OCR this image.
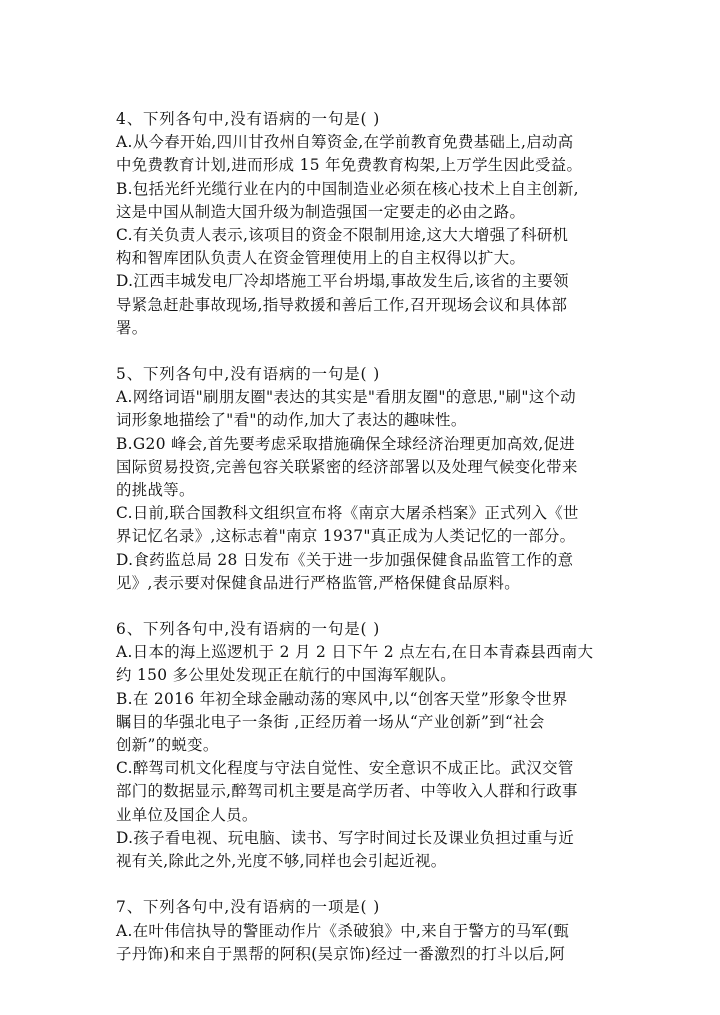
4、下列各句中,没有语病的一句是( )
A.从今春开始,四川甘孜州自筹资金,在学前教育免费基础上,启动高
中免费教育计划,进而形成 15 年免费教育构架,上万学生因此受益。
B.包括光纤光缆行业在内的中国制造业必须在核心技术上自主创新,
这是中国从制造大国升级为制造强国一定要走的必由之路。
C.有关负责人表示,该项目的资金不限制用途,这大大增强了科研机
构和智库团队负责人在资金管理使用上的自主权得以扩大。
D.江西丰城发电厂冷却塔施工平台坍塌,事故发生后,该省的主要领
导紧急赶赴事故现场,指导救援和善后工作,召开现场会议和具体部
署。
5、下列各句中,没有语病的一句是( )
A.网络词语"刷朋友圈"表达的其实是"看朋友圈"的意思,"刷"这个动
词形象地描绘了"看"的动作,加大了表达的趣味性。
B.G20 峰会,首先要考虑采取措施确保全球经济治理更加高效,促进
国际贸易投资,完善包容关联紧密的经济部署以及处理气候变化带来
的挑战等。
C.日前,联合国教科文组织宣布将《南京大屠杀档案》正式列入《世
界记忆名录》,这标志着"南京 1937"真正成为人类记忆的一部分。
D.食药监总局 28 日发布《关于进一步加强保健食品监管工作的意
见》,表示要对保健食品进行严格监管,严格保健食品原料。
6、下列各句中,没有语病的一句是( )
A.日本的海上巡逻机于 2 月 2 日下午 2 点左右,在日本青森县西南大
约 150 多公里处发现正在航行的中国海军舰队。
B.在 2016 年初全球金融动荡的寒风中,以“创客天堂”形象令世界
瞩目的华强北电子一条街 ,正经历着一场从“产业创新”到“社会
创新”的蜕变。
C.醉驾司机文化程度与守法自觉性、安全意识不成正比。武汉交管
部门的数据显示,醉驾司机主要是高学历者、中等收入人群和行政事
业单位及国企人员。
D.孩子看电视、玩电脑、读书、写字时间过长及课业负担过重与近
视有关,除此之外,光度不够,同样也会引起近视。
7、下列各句中,没有语病的一项是( )
A.在叶伟信执导的警匪动作片《杀破狼》中,来自于警方的马军(甄
子丹饰)和来自于黑帮的阿积(吴京饰)经过一番激烈的打斗以后,阿
